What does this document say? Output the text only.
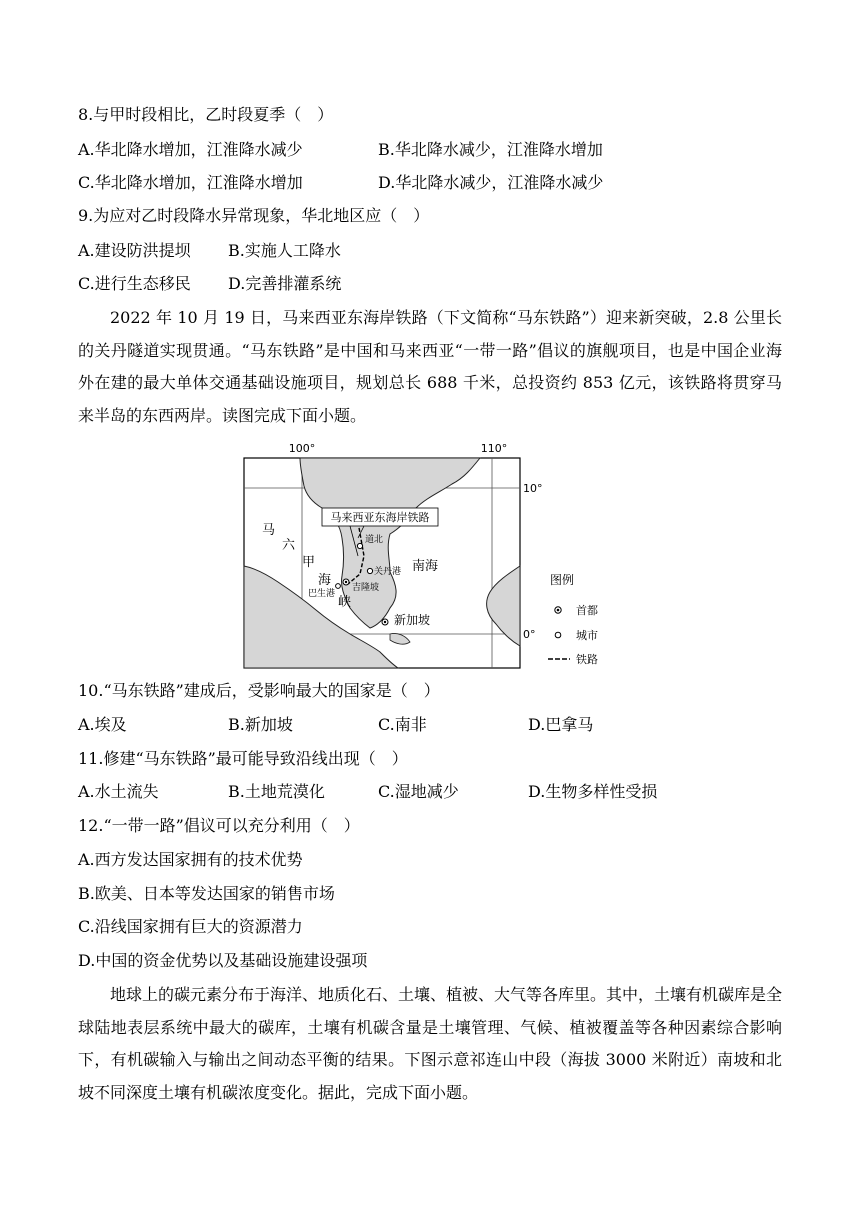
8.与甲时段相比，乙时段夏季（　）
A.华北降水增加，江淮降水减少	B.华北降水减少，江淮降水增加
C.华北降水增加，江淮降水增加	D.华北降水减少，江淮降水减少
9.为应对乙时段降水异常现象，华北地区应（　）
A.建设防洪提坝 B.实施人工降水
C.进行生态移民 D.完善排灌系统

2022 年 10 月 19 日，马来西亚东海岸铁路（下文简称“马东铁路”）迎来新突破，2.8 公里长的关丹隧道实现贯通。“马东铁路”是中国和马来西亚“一带一路”倡议的旗舰项目，也是中国企业海外在建的最大单体交通基础设施项目，规划总长 688 千米，总投资约 853 亿元，该铁路将贯穿马来半岛的东西两岸。读图完成下面小题。

马来西亚东海岸铁路
道北
关丹港
吉隆坡
巴生港
新加坡
南海
马
六
甲
海
峡
100°	110°
10°
0°
图例
首都
城市
铁路
10.“马东铁路”建成后，受影响最大的国家是（　）
A.埃及	B.新加坡	C.南非	D.巴拿马
11.修建“马东铁路”最可能导致沿线出现（　）
A.水土流失	B.土地荒漠化	C.湿地减少	D.生物多样性受损
12.“一带一路”倡议可以充分利用（　）
A.西方发达国家拥有的技术优势
B.欧美、日本等发达国家的销售市场
C.沿线国家拥有巨大的资源潜力
D.中国的资金优势以及基础设施建设强项

地球上的碳元素分布于海洋、地质化石、土壤、植被、大气等各库里。其中，土壤有机碳库是全球陆地表层系统中最大的碳库，土壤有机碳含量是土壤管理、气候、植被覆盖等各种因素综合影响下，有机碳输入与输出之间动态平衡的结果。下图示意祁连山中段（海拔 3000 米附近）南坡和北坡不同深度土壤有机碳浓度变化。据此，完成下面小题。
